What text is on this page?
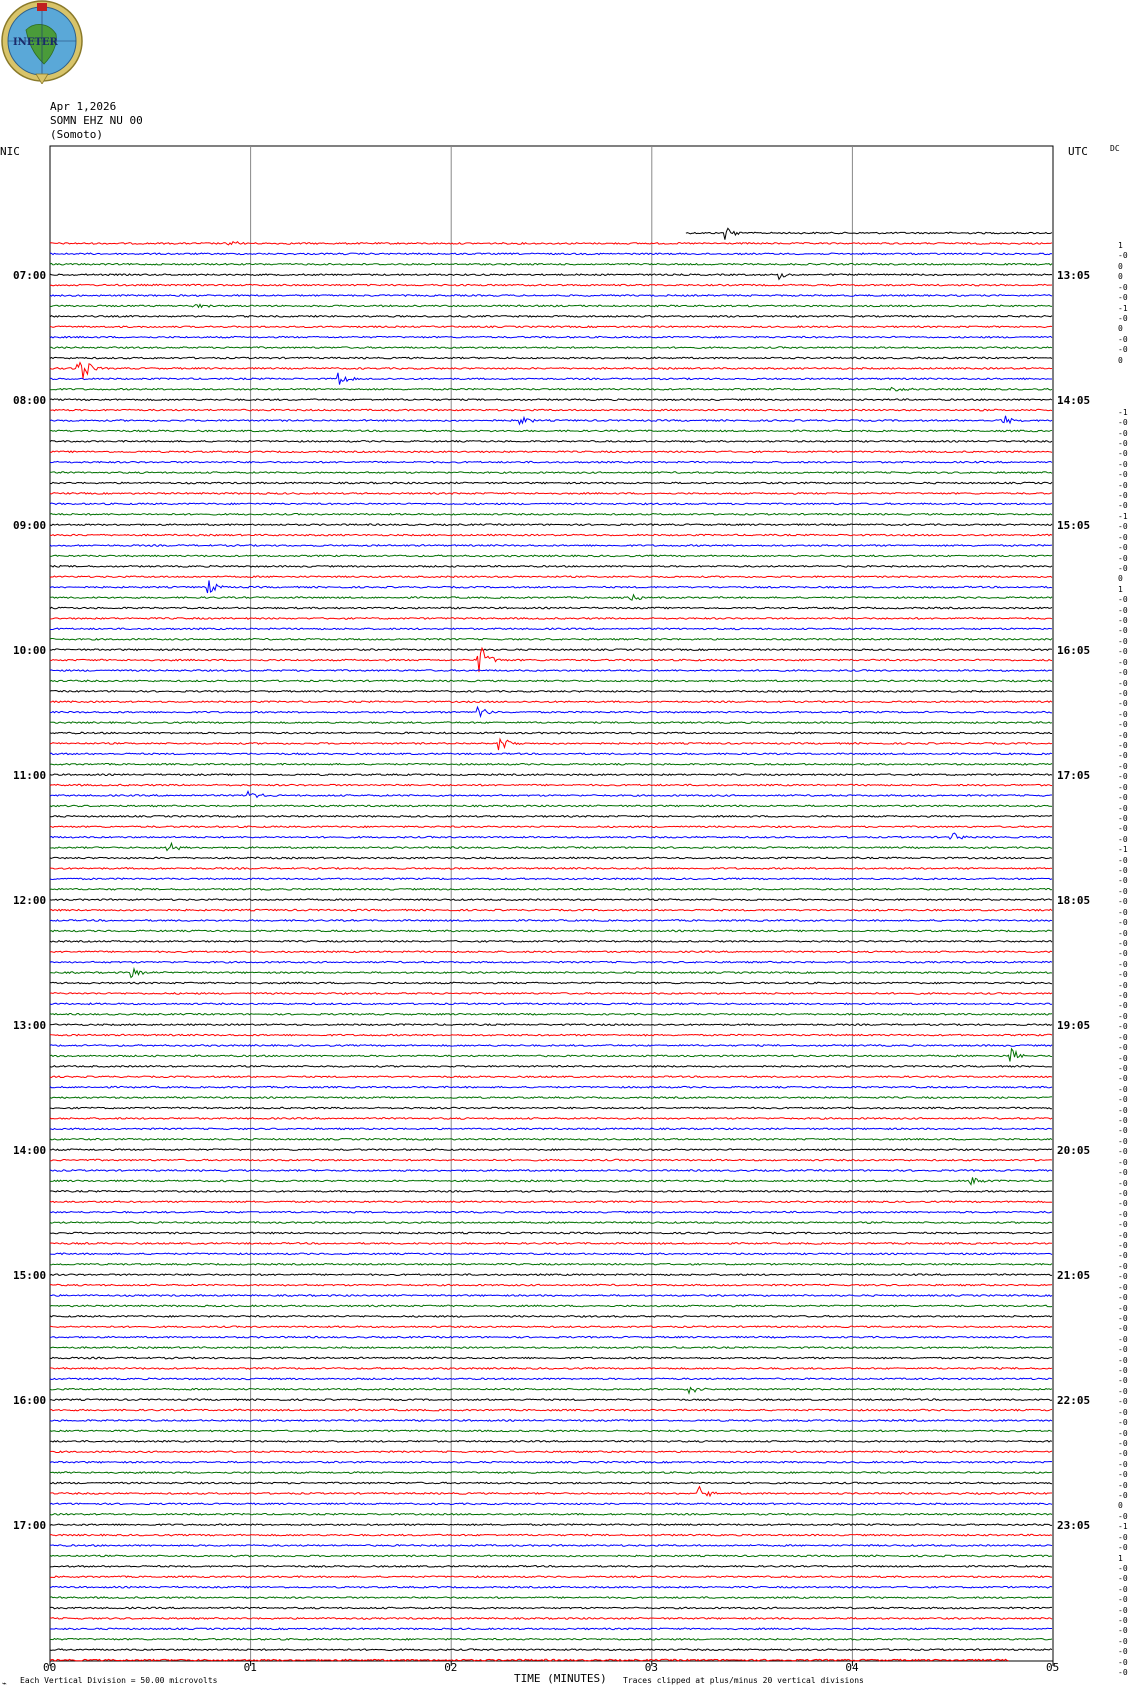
INETER
Apr 1,2026
SOMN EHZ NU 00
(Somoto)
NIC	UTC	DC
07:00
08:00
09:00
10:00
11:00
12:00
13:00
14:00
15:00
16:00
17:00
13:05
14:05
15:05
16:05
17:05
18:05
19:05
20:05
21:05
22:05
23:05
1
-0
0
0
-0
-0
-1
-0
0
-0
-0
0
-1
-0
-0
-0
-0
-0
-0
-0
-0
-0
-1
-0
-0
-0
-0
-0
0
1
-0
-0
-0
-0
-0
-0
-0
-0
-0
-0
-0
-0
-0
-0
-0
-0
-0
-0
-0
-0
-0
-0
-0
-0
-1
-0
-0
-0
-0
-0
-0
-0
-0
-0
-0
-0
-0
-0
-0
-0
-0
-0
-0
-0
-0
-0
-0
-0
-0
-0
-0
-0
-0
-0
-0
-0
-0
-0
-0
-0
-0
-0
-0
-0
-0
-0
-0
-0
-0
-0
-0
-0
-0
-0
-0
-0
-0
-0
-0
-0
-0
-0
-0
-0
-0
-0
-0
0
-0
-1
-0
-0
1
-0
-0
-0
-0
-0
-0
-0
-0
-0
-0
-0
00	01	02	03	04	05
⌁ Each Vertical Division = 50.00 microvolts	TIME (MINUTES) Traces clipped at plus/minus 20 vertical divisions
